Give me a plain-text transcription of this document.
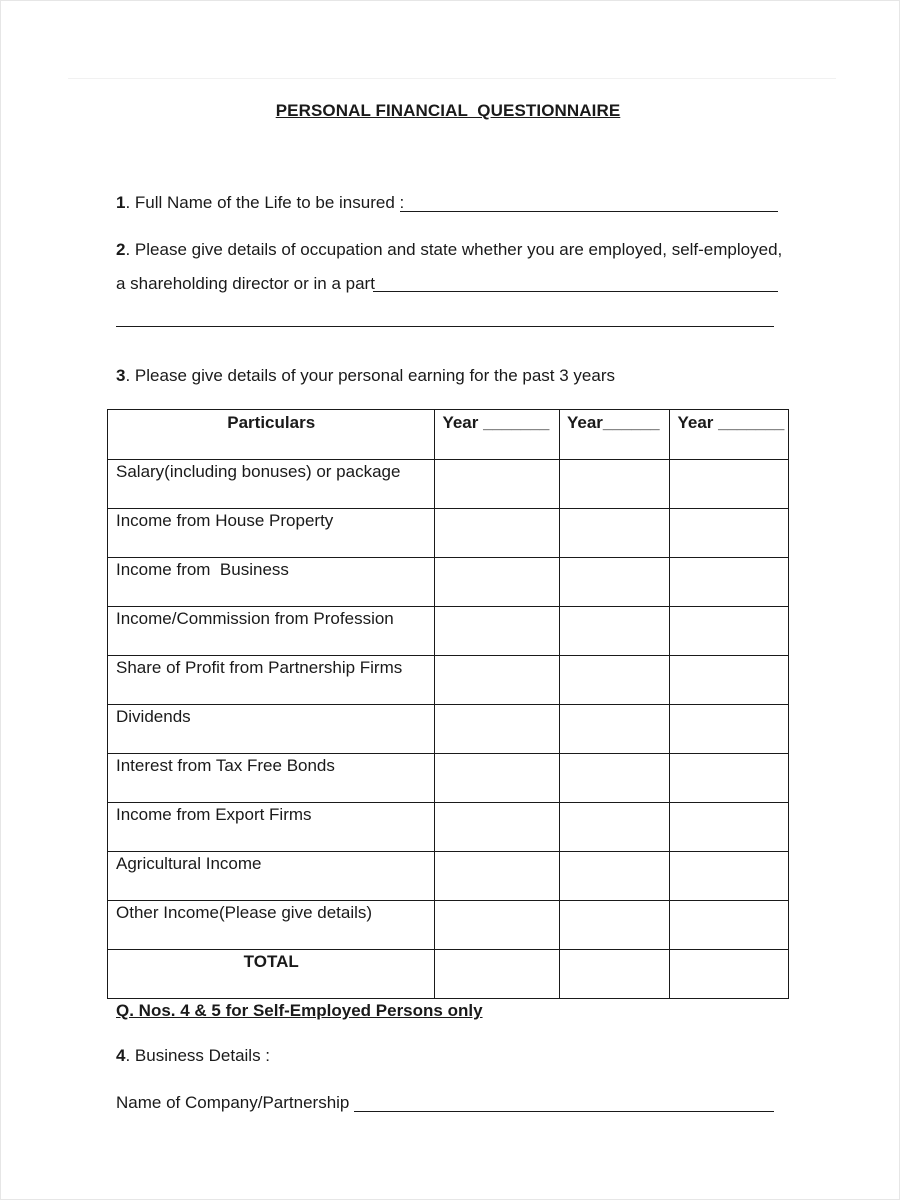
PERSONAL FINANCIAL  QUESTIONNAIRE
1. Full Name of the Life to be insured :
2. Please give details of occupation and state whether you are employed, self-employed,
a shareholding director or in a part
3. Please give details of your personal earning for the past 3 years
Particulars	Year _______	Year______	Year _______
Salary(including bonuses) or package			
Income from House Property			
Income from  Business			
Income/Commission from Profession			
Share of Profit from Partnership Firms			
Dividends			
Interest from Tax Free Bonds			
Income from Export Firms			
Agricultural Income			
Other Income(Please give details)			
TOTAL			
Q. Nos. 4 & 5 for Self-Employed Persons only
4. Business Details :
Name of Company/Partnership
